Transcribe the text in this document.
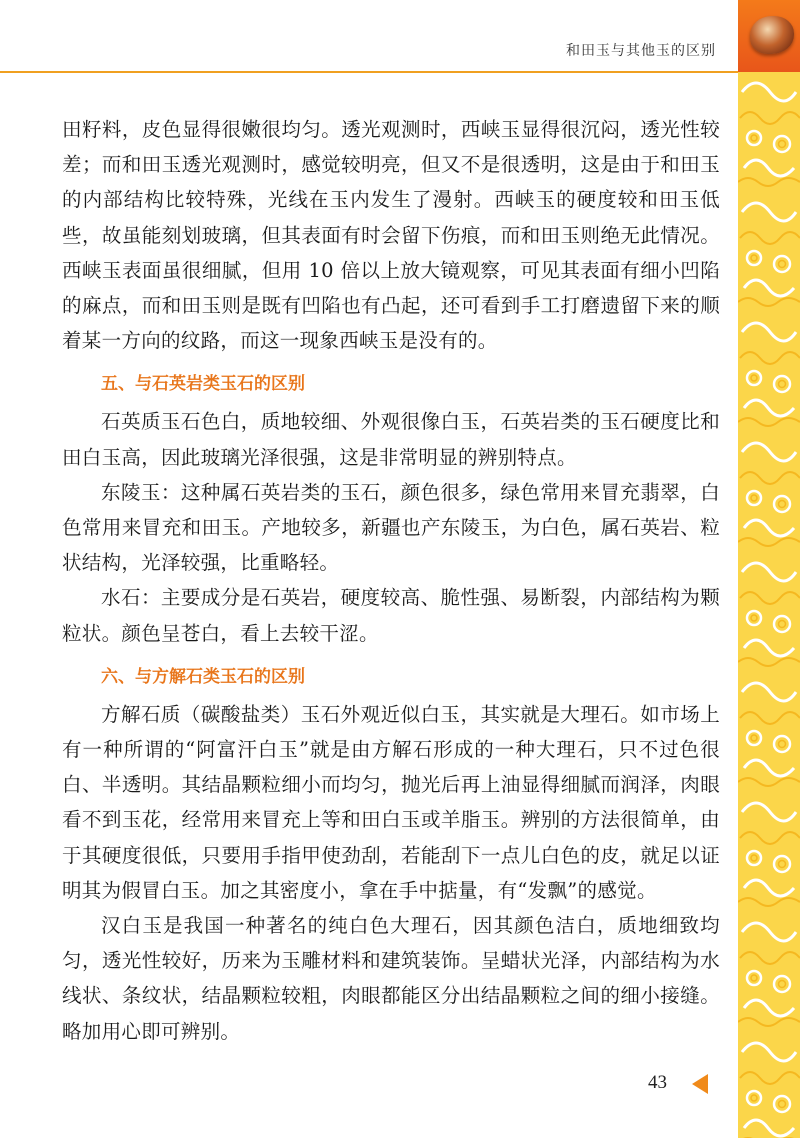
和田玉与其他玉的区别

田籽料，皮色显得很嫩很均匀。透光观测时，西峡玉显得很沉闷，透光性较差；而和田玉透光观测时，感觉较明亮，但又不是很透明，这是由于和田玉的内部结构比较特殊，光线在玉内发生了漫射。西峡玉的硬度较和田玉低些，故虽能刻划玻璃，但其表面有时会留下伤痕，而和田玉则绝无此情况。西峡玉表面虽很细腻，但用 10 倍以上放大镜观察，可见其表面有细小凹陷的麻点，而和田玉则是既有凹陷也有凸起，还可看到手工打磨遗留下来的顺着某一方向的纹路，而这一现象西峡玉是没有的。

五、与石英岩类玉石的区别

石英质玉石色白，质地较细、外观很像白玉，石英岩类的玉石硬度比和田白玉高，因此玻璃光泽很强，这是非常明显的辨别特点。

东陵玉：这种属石英岩类的玉石，颜色很多，绿色常用来冒充翡翠，白色常用来冒充和田玉。产地较多，新疆也产东陵玉，为白色，属石英岩、粒状结构，光泽较强，比重略轻。

水石：主要成分是石英岩，硬度较高、脆性强、易断裂，内部结构为颗粒状。颜色呈苍白，看上去较干涩。

六、与方解石类玉石的区别

方解石质（碳酸盐类）玉石外观近似白玉，其实就是大理石。如市场上有一种所谓的“阿富汗白玉”就是由方解石形成的一种大理石，只不过色很白、半透明。其结晶颗粒细小而均匀，抛光后再上油显得细腻而润泽，肉眼看不到玉花，经常用来冒充上等和田白玉或羊脂玉。辨别的方法很简单，由于其硬度很低，只要用手指甲使劲刮，若能刮下一点儿白色的皮，就足以证明其为假冒白玉。加之其密度小，拿在手中掂量，有“发飘”的感觉。

汉白玉是我国一种著名的纯白色大理石，因其颜色洁白，质地细致均匀，透光性较好，历来为玉雕材料和建筑装饰。呈蜡状光泽，内部结构为水线状、条纹状，结晶颗粒较粗，肉眼都能区分出结晶颗粒之间的细小接缝。略加用心即可辨别。

43
